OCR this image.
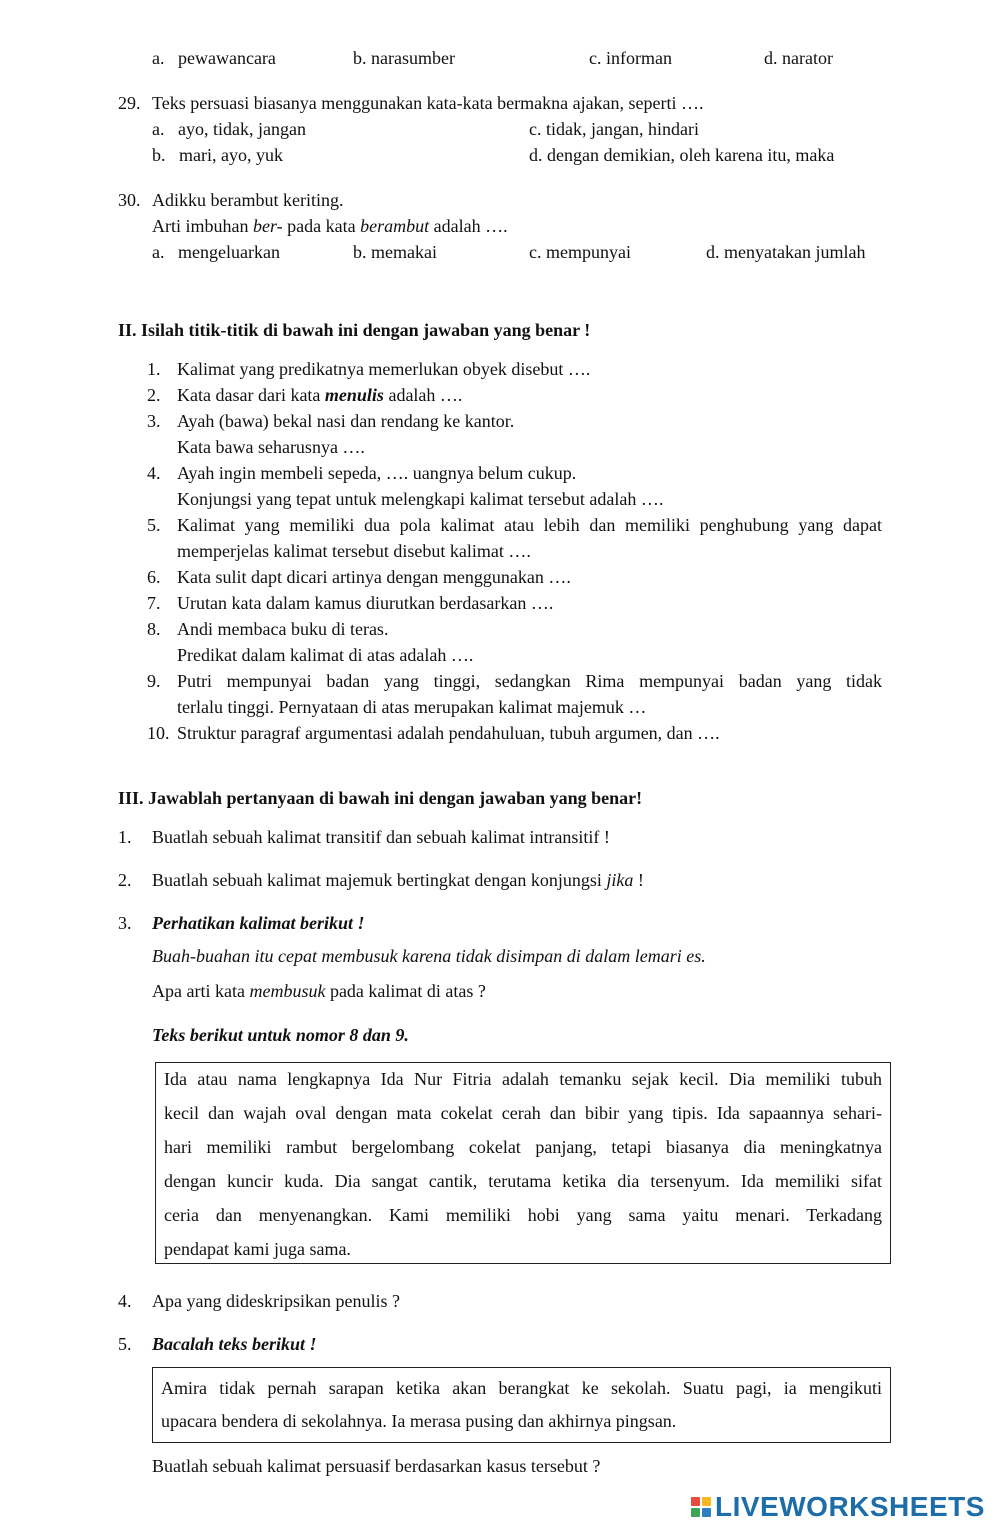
a.   pewawancara	b. narasumber	c. informan	d. narator
29. Teks persuasi biasanya menggunakan kata-kata bermakna ajakan, seperti ….
a.   ayo, tidak, jangan	c. tidak, jangan, hindari
b.   mari, ayo, yuk	d. dengan demikian, oleh karena itu, maka
30. Adikku berambut keriting.
Arti imbuhan ber- pada kata berambut adalah ….
a.   mengeluarkan	b. memakai	c. mempunyai	d. menyatakan jumlah
II. Isilah titik-titik di bawah ini dengan jawaban yang benar !
1. Kalimat yang predikatnya memerlukan obyek disebut ….
2. Kata dasar dari kata menulis adalah ….
3. Ayah (bawa) bekal nasi dan rendang ke kantor.
Kata bawa seharusnya ….
4. Ayah ingin membeli sepeda, …. uangnya belum cukup.
Konjungsi yang tepat untuk melengkapi kalimat tersebut adalah ….
5. Kalimat yang memiliki dua pola kalimat atau lebih dan memiliki penghubung yang dapat
memperjelas kalimat tersebut disebut kalimat ….
6. Kata sulit dapt dicari artinya dengan menggunakan ….
7. Urutan kata dalam kamus diurutkan berdasarkan ….
8. Andi membaca buku di teras.
Predikat dalam kalimat di atas adalah ….
9. Putri mempunyai badan yang tinggi, sedangkan Rima mempunyai badan yang tidak
terlalu tinggi. Pernyataan di atas merupakan kalimat majemuk …
10. Struktur paragraf argumentasi adalah pendahuluan, tubuh argumen, dan ….
III. Jawablah pertanyaan di bawah ini dengan jawaban yang benar!
1. Buatlah sebuah kalimat transitif dan sebuah kalimat intransitif !
2. Buatlah sebuah kalimat majemuk bertingkat dengan konjungsi jika !
3. Perhatikan kalimat berikut !
Buah-buahan itu cepat membusuk karena tidak disimpan di dalam lemari es.
Apa arti kata membusuk pada kalimat di atas ?
Teks berikut untuk nomor 8 dan 9.
Ida atau nama lengkapnya Ida Nur Fitria adalah temanku sejak kecil. Dia memiliki tubuh
kecil dan wajah oval dengan mata cokelat cerah dan bibir yang tipis. Ida sapaannya sehari-
hari memiliki rambut bergelombang cokelat panjang, tetapi biasanya dia meningkatnya
dengan kuncir kuda. Dia sangat cantik, terutama ketika dia tersenyum. Ida memiliki sifat
ceria dan menyenangkan. Kami memiliki hobi yang sama yaitu menari. Terkadang
pendapat kami juga sama.
4. Apa yang dideskripsikan penulis ?
5. Bacalah teks berikut !
Amira tidak pernah sarapan ketika akan berangkat ke sekolah. Suatu pagi, ia mengikuti
upacara bendera di sekolahnya. Ia merasa pusing dan akhirnya pingsan.
Buatlah sebuah kalimat persuasif berdasarkan kasus tersebut ?
LIVEWORKSHEETS
